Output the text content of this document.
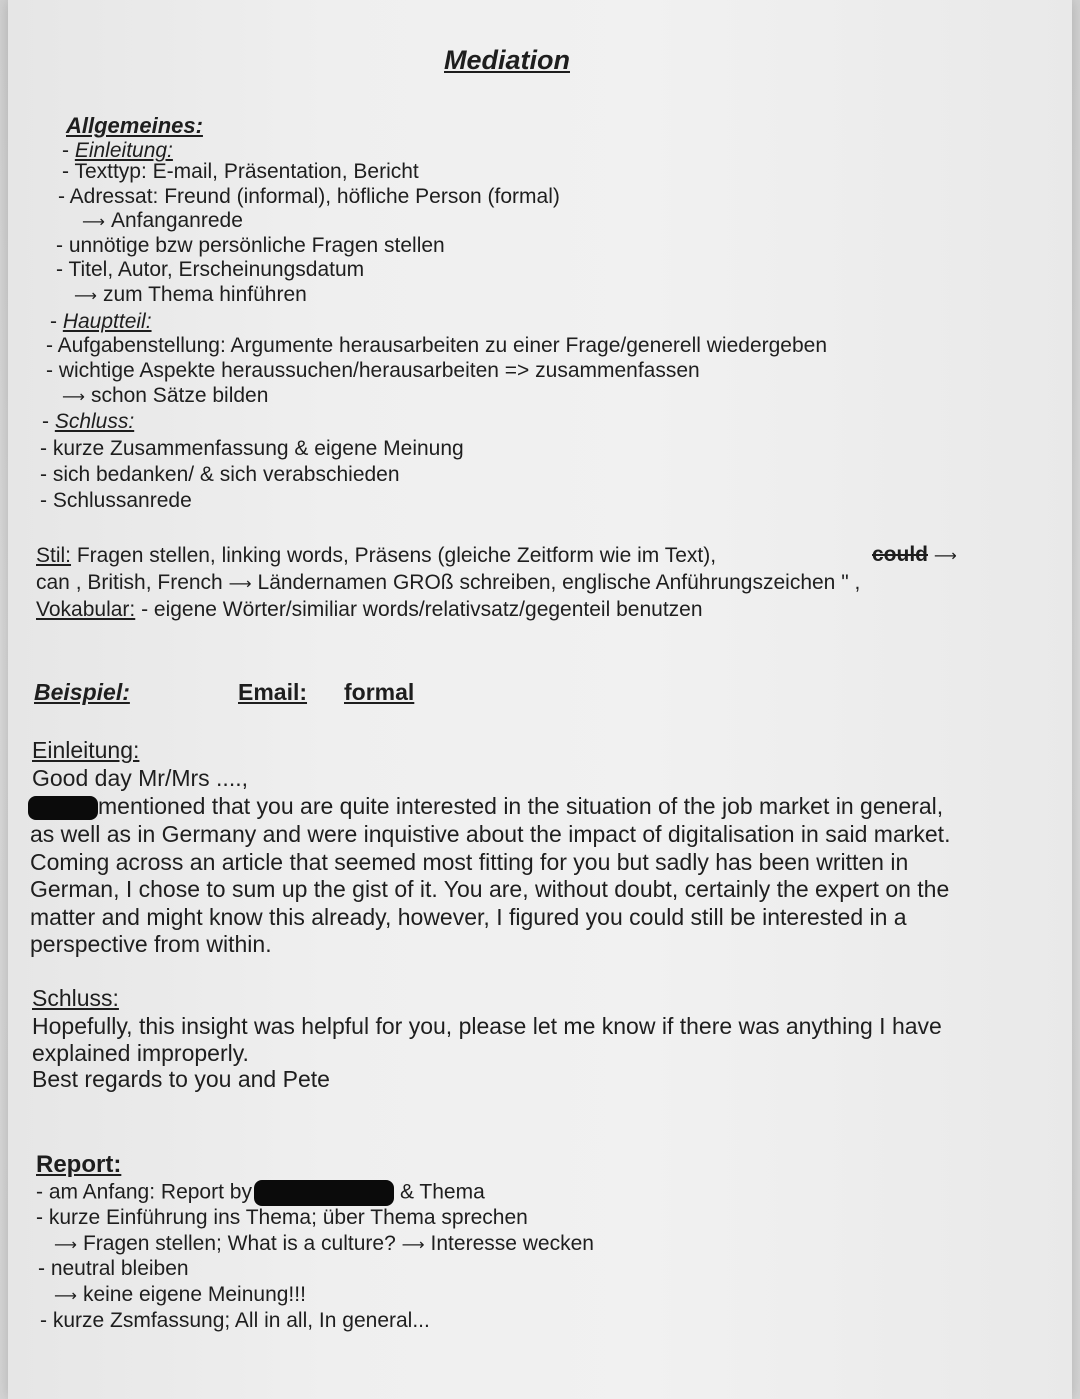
Mediation
Allgemeines:
- Einleitung:
- Texttyp: E-mail, Präsentation, Bericht
- Adressat: Freund (informal), höfliche Person (formal)
⟶ Anfanganrede
- unnötige bzw persönliche Fragen stellen
- Titel, Autor, Erscheinungsdatum
⟶ zum Thema hinführen
- Hauptteil:
- Aufgabenstellung: Argumente herausarbeiten zu einer Frage/generell wiedergeben
- wichtige Aspekte heraussuchen/herausarbeiten => zusammenfassen
⟶ schon Sätze bilden
- Schluss:
- kurze Zusammenfassung & eigene Meinung
- sich bedanken/ & sich verabschieden
- Schlussanrede
Stil: Fragen stellen, linking words, Präsens (gleiche Zeitform wie im Text),	could ⟶
can , British, French ⟶ Ländernamen GROß schreiben, englische Anführungszeichen " ,
Vokabular: - eigene Wörter/similiar words/relativsatz/gegenteil benutzen
Beispiel:	Email: formal
Einleitung:
Good day Mr/Mrs ....,
mentioned that you are quite interested in the situation of the job market in general,
as well as in Germany and were inquistive about the impact of digitalisation in said market.
Coming across an article that seemed most fitting for you but sadly has been written in
German, I chose to sum up the gist of it. You are, without doubt, certainly the expert on the
matter and might know this already, however, I figured you could still be interested in a
perspective from within.
Schluss:
Hopefully, this insight was helpful for you, please let me know if there was anything I have
explained improperly.
Best regards to you and Pete
Report:
- am Anfang: Report by	& Thema
- kurze Einführung ins Thema; über Thema sprechen
⟶ Fragen stellen; What is a culture? ⟶ Interesse wecken
- neutral bleiben
⟶ keine eigene Meinung!!!
- kurze Zsmfassung; All in all, In general...
